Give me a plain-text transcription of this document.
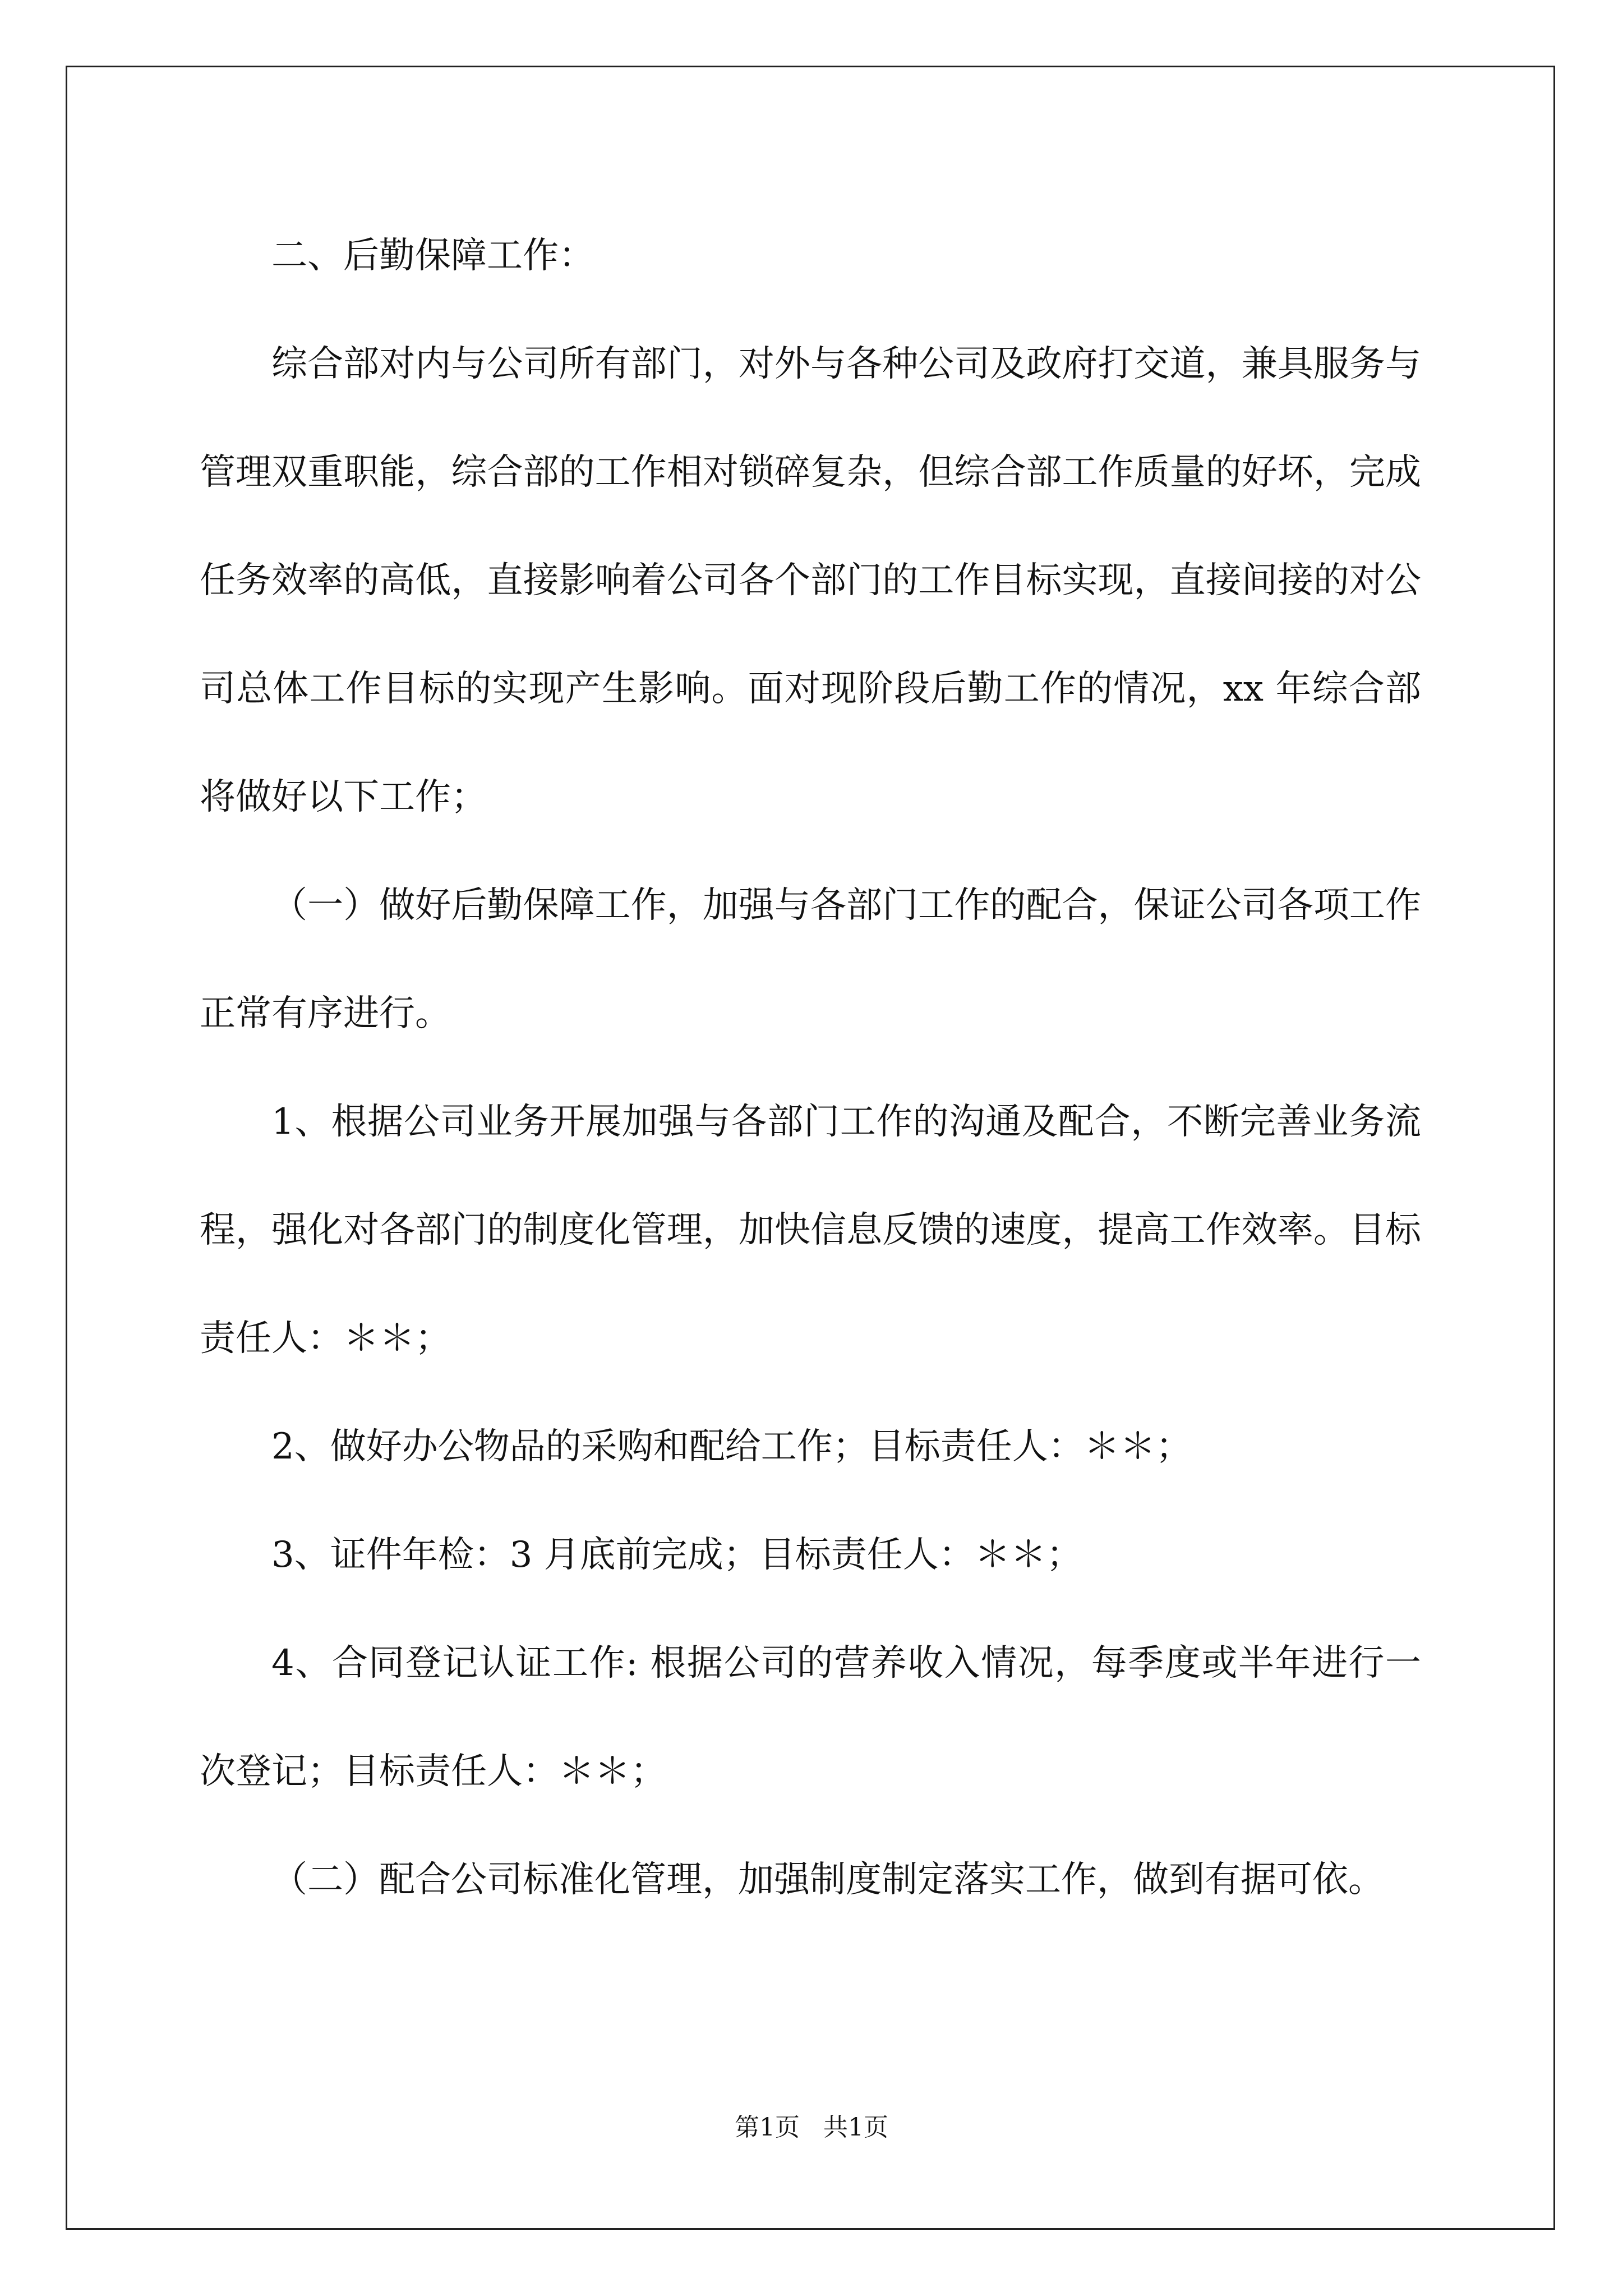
二、后勤保障工作：

综合部对内与公司所有部门，对外与各种公司及政府打交道，兼具服务与管理双重职能，综合部的工作相对锁碎复杂，但综合部工作质量的好坏，完成任务效率的高低，直接影响着公司各个部门的工作目标实现，直接间接的对公司总体工作目标的实现产生影响。面对现阶段后勤工作的情况，xx 年综合部将做好以下工作；

（一）做好后勤保障工作，加强与各部门工作的配合，保证公司各项工作正常有序进行。

1、根据公司业务开展加强与各部门工作的沟通及配合，不断完善业务流程，强化对各部门的制度化管理，加快信息反馈的速度，提高工作效率。目标责任人：＊＊；

2、做好办公物品的采购和配给工作；目标责任人：＊＊；

3、证件年检：3 月底前完成；目标责任人：＊＊；

4、合同登记认证工作: 根据公司的营养收入情况，每季度或半年进行一次登记；目标责任人：＊＊；

（二）配合公司标准化管理，加强制度制定落实工作，做到有据可依。

第1页   共1页
